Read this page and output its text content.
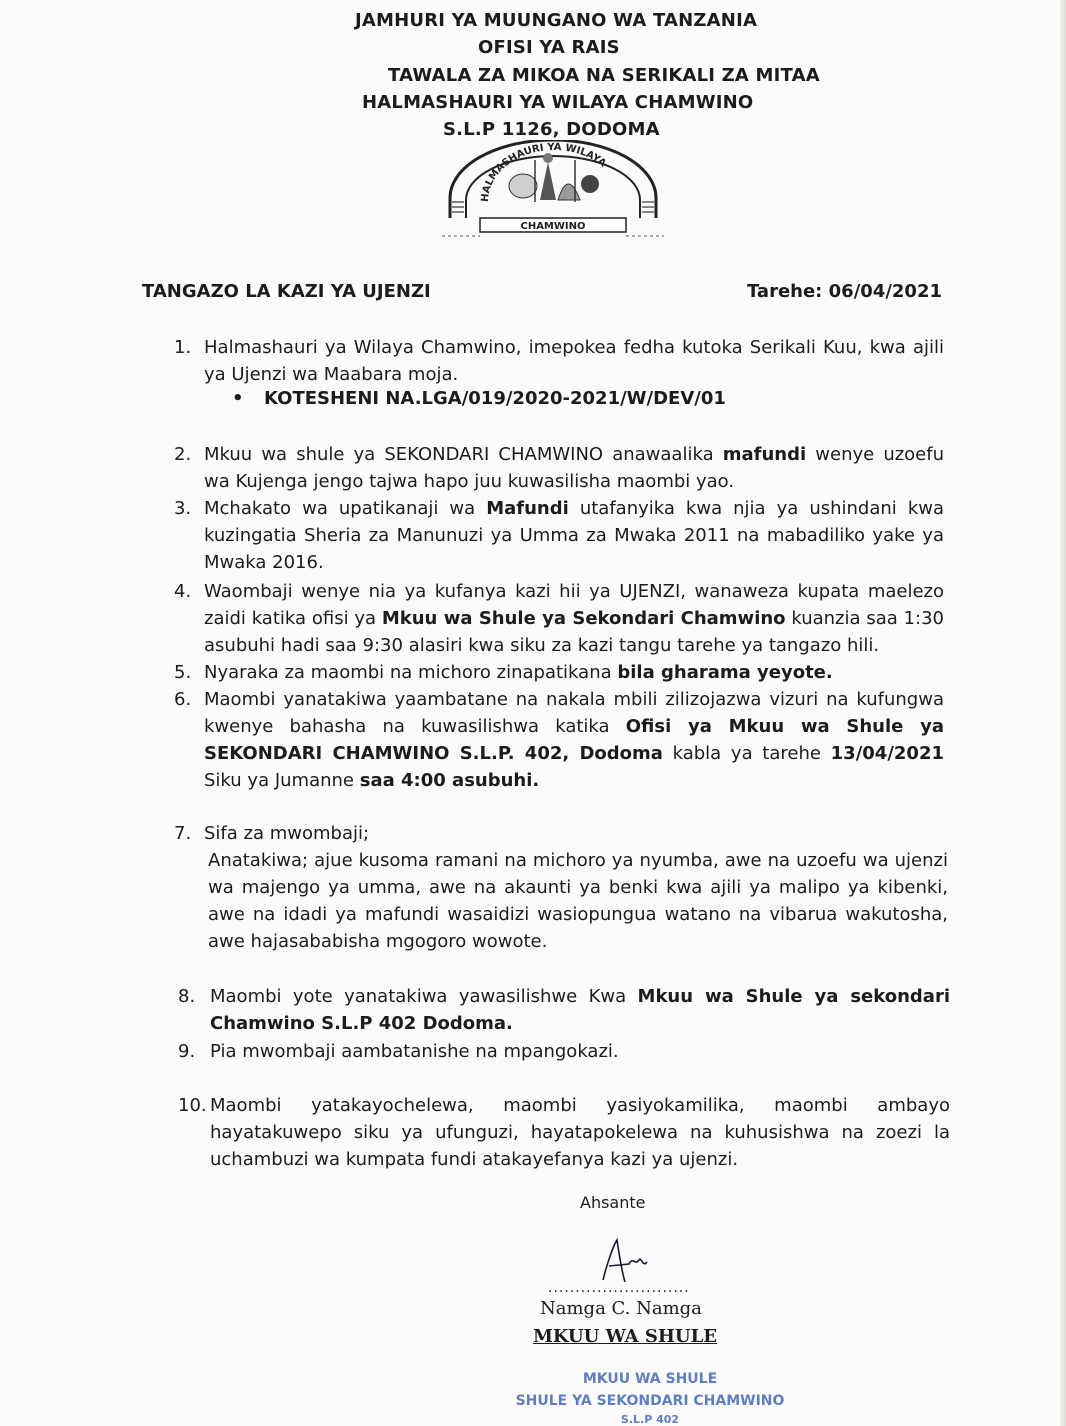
JAMHURI YA MUUNGANO WA TANZANIA
OFISI YA RAIS
TAWALA ZA MIKOA NA SERIKALI ZA MITAA
HALMASHAURI YA WILAYA CHAMWINO
S.L.P 1126, DODOMA
HALMASHAURI YA WILAYA
CHAMWINO
TANGAZO LA KAZI YA UJENZI	Tarehe: 06/04/2021
1. Halmashauri ya Wilaya Chamwino, imepokea fedha kutoka Serikali Kuu, kwa ajili ya Ujenzi wa Maabara moja.
• KOTESHENI NA.LGA/019/2020-2021/W/DEV/01
2. Mkuu wa shule ya SEKONDARI CHAMWINO anawaalika mafundi wenye uzoefu wa Kujenga jengo tajwa hapo juu kuwasilisha maombi yao.
3. Mchakato wa upatikanaji wa Mafundi utafanyika kwa njia ya ushindani kwa kuzingatia Sheria za Manunuzi ya Umma za Mwaka 2011 na mabadiliko yake ya Mwaka 2016.
4. Waombaji wenye nia ya kufanya kazi hii ya UJENZI, wanaweza kupata maelezo zaidi katika ofisi ya Mkuu wa Shule ya Sekondari Chamwino kuanzia saa 1:30 asubuhi hadi saa 9:30 alasiri kwa siku za kazi tangu tarehe ya tangazo hili.
5. Nyaraka za maombi na michoro zinapatikana bila gharama yeyote.
6. Maombi yanatakiwa yaambatane na nakala mbili zilizojazwa vizuri na kufungwa kwenye bahasha na kuwasilishwa katika Ofisi ya Mkuu wa Shule ya SEKONDARI CHAMWINO S.L.P. 402, Dodoma kabla ya tarehe 13/04/2021 Siku ya Jumanne saa 4:00 asubuhi.
7. Sifa za mwombaji;
Anatakiwa; ajue kusoma ramani na michoro ya nyumba, awe na uzoefu wa ujenzi wa majengo ya umma, awe na akaunti ya benki kwa ajili ya malipo ya kibenki, awe na idadi ya mafundi wasaidizi wasiopungua watano na vibarua wakutosha, awe hajasababisha mgogoro wowote.
8. Maombi yote yanatakiwa yawasilishwe Kwa Mkuu wa Shule ya sekondari Chamwino S.L.P 402 Dodoma.
9. Pia mwombaji aambatanishe na mpangokazi.
10. Maombi yatakayochelewa, maombi yasiyokamilika, maombi ambayo hayatakuwepo siku ya ufunguzi, hayatapokelewa na kuhusishwa na zoezi la uchambuzi wa kumpata fundi atakayefanya kazi ya ujenzi.
Ahsante
..........................
Namga C. Namga
MKUU WA SHULE
MKUU WA SHULE
SHULE YA SEKONDARI CHAMWINO
S.L.P 402
